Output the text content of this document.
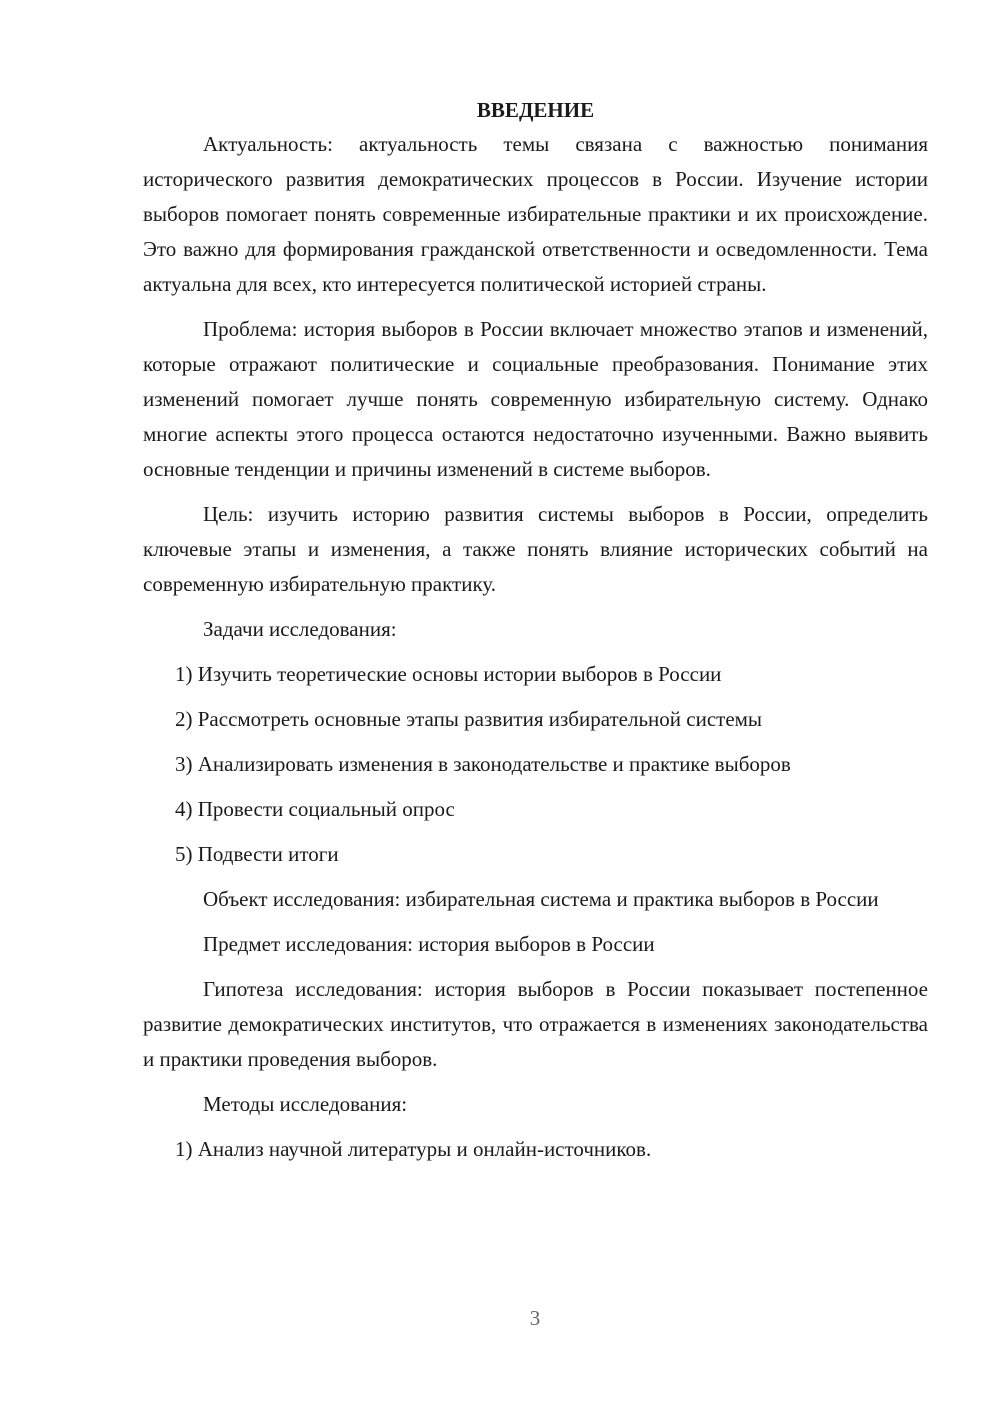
ВВЕДЕНИЕ

Актуальность: актуальность темы связана с важностью понимания исторического развития демократических процессов в России. Изучение истории выборов помогает понять современные избирательные практики и их происхождение. Это важно для формирования гражданской ответственности и осведомленности. Тема актуальна для всех, кто интересуется политической историей страны.

Проблема: история выборов в России включает множество этапов и изменений, которые отражают политические и социальные преобразования. Понимание этих изменений помогает лучше понять современную избирательную систему. Однако многие аспекты этого процесса остаются недостаточно изученными. Важно выявить основные тенденции и причины изменений в системе выборов.

Цель: изучить историю развития системы выборов в России, определить ключевые этапы и изменения, а также понять влияние исторических событий на современную избирательную практику.

Задачи исследования:

1) Изучить теоретические основы истории выборов в России

2) Рассмотреть основные этапы развития избирательной системы

3) Анализировать изменения в законодательстве и практике выборов

4) Провести социальный опрос

5) Подвести итоги

Объект исследования: избирательная система и практика выборов в России

Предмет исследования: история выборов в России

Гипотеза исследования: история выборов в России показывает постепенное развитие демократических институтов, что отражается в изменениях законодательства и практики проведения выборов.

Методы исследования:

1) Анализ научной литературы и онлайн-источников.

3
